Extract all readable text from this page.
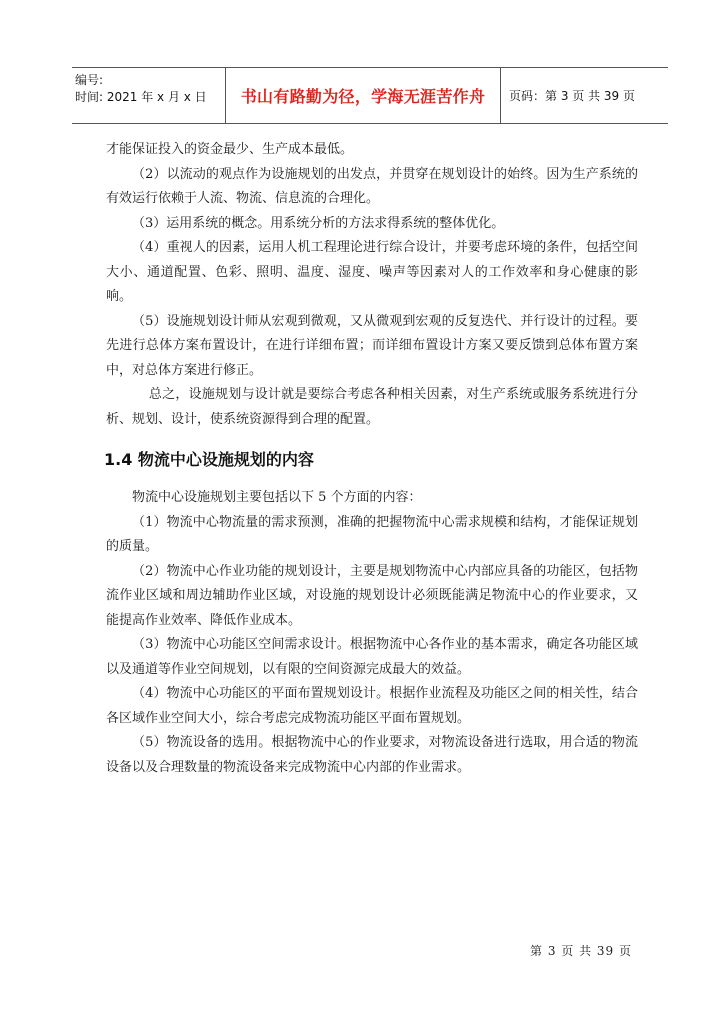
编号:
时间: 2021 年 x 月 x 日	书山有路勤为径，学海无涯苦作舟	页码：第 3 页 共 39 页

才能保证投入的资金最少、生产成本最低。

（2）以流动的观点作为设施规划的出发点，并贯穿在规划设计的始终。因为生产系统的有效运行依赖于人流、物流、信息流的合理化。

（3）运用系统的概念。用系统分析的方法求得系统的整体优化。

（4）重视人的因素，运用人机工程理论进行综合设计，并要考虑环境的条件，包括空间大小、通道配置、色彩、照明、温度、湿度、噪声等因素对人的工作效率和身心健康的影响。

（5）设施规划设计师从宏观到微观，又从微观到宏观的反复迭代、并行设计的过程。要先进行总体方案布置设计，在进行详细布置；而详细布置设计方案又要反馈到总体布置方案中，对总体方案进行修正。

总之，设施规划与设计就是要综合考虑各种相关因素，对生产系统或服务系统进行分析、规划、设计，使系统资源得到合理的配置。

1.4 物流中心设施规划的内容

物流中心设施规划主要包括以下 5 个方面的内容：

（1）物流中心物流量的需求预测，准确的把握物流中心需求规模和结构，才能保证规划的质量。

（2）物流中心作业功能的规划设计，主要是规划物流中心内部应具备的功能区，包括物流作业区域和周边辅助作业区域，对设施的规划设计必须既能满足物流中心的作业要求，又能提高作业效率、降低作业成本。

（3）物流中心功能区空间需求设计。根据物流中心各作业的基本需求，确定各功能区域以及通道等作业空间规划，以有限的空间资源完成最大的效益。

（4）物流中心功能区的平面布置规划设计。根据作业流程及功能区之间的相关性，结合各区域作业空间大小，综合考虑完成物流功能区平面布置规划。

（5）物流设备的选用。根据物流中心的作业要求，对物流设备进行选取，用合适的物流设备以及合理数量的物流设备来完成物流中心内部的作业需求。

第 3 页 共 39 页
